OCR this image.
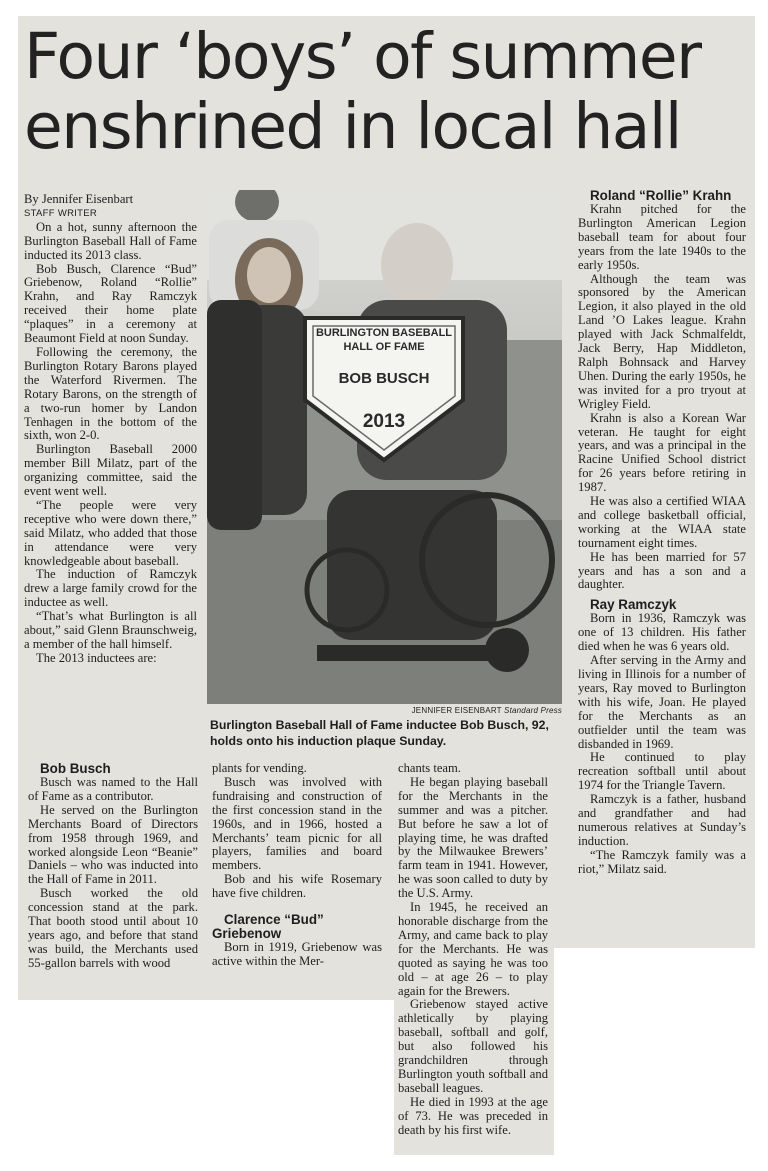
Four ‘boys’ of summer enshrined in local hall

By Jennifer Eisenbart

STAFF WRITER

On a hot, sunny afternoon the Burlington Baseball Hall of Fame inducted its 2013 class.

Bob Busch, Clarence “Bud” Griebenow, Roland “Rollie” Krahn, and Ray Ramczyk received their home plate “plaques” in a ceremony at Beaumont Field at noon Sunday.

Following the ceremony, the Burlington Rotary Barons played the Waterford Rivermen. The Rotary Barons, on the strength of a two-run homer by Landon Tenhagen in the bottom of the sixth, won 2-0.

Burlington Baseball 2000 member Bill Milatz, part of the organizing committee, said the event went well.

“The people were very receptive who were down there,” said Milatz, who added that those in attendance were very knowledgeable about baseball.

The induction of Ramczyk drew a large family crowd for the inductee as well.

“That’s what Burlington is all about,” said Glenn Braunschweig, a member of the hall himself.

The 2013 inductees are:

BURLINGTON BASEBALL
HALL OF FAME
BOB BUSCH
2013
JENNIFER EISENBART Standard Press

Burlington Baseball Hall of Fame inductee Bob Busch, 92, holds onto his induction plaque Sunday.

Roland “Rollie” Krahn

Krahn pitched for the Burlington American Legion baseball team for about four years from the late 1940s to the early 1950s.

Although the team was sponsored by the American Legion, it also played in the old Land ’O Lakes league. Krahn played with Jack Schmalfeldt, Jack Berry, Hap Middleton, Ralph Bohnsack and Harvey Uhen. During the early 1950s, he was invited for a pro tryout at Wrigley Field.

Krahn is also a Korean War veteran. He taught for eight years, and was a principal in the Racine Unified School district for 26 years before retiring in 1987.

He was also a certified WIAA and college basketball official, working at the WIAA state tournament eight times.

He has been married for 57 years and has a son and a daughter.

Ray Ramczyk

Born in 1936, Ramczyk was one of 13 children. His father died when he was 6 years old.

After serving in the Army and living in Illinois for a number of years, Ray moved to Burlington with his wife, Joan. He played for the Merchants as an outfielder until the team was disbanded in 1969.

He continued to play recreation softball until about 1974 for the Triangle Tavern.

Ramczyk is a father, husband and grandfather and had numerous relatives at Sunday’s induction.

“The Ramczyk family was a riot,” Milatz said.

Bob Busch

Busch was named to the Hall of Fame as a contributor.

He served on the Burlington Merchants Board of Directors from 1958 through 1969, and worked alongside Leon “Beanie” Daniels – who was inducted into the Hall of Fame in 2011.

Busch worked the old concession stand at the park. That booth stood until about 10 years ago, and before that stand was build, the Merchants used 55-gallon barrels with wood

plants for vending.

Busch was involved with fundraising and construction of the first concession stand in the 1960s, and in 1966, hosted a Merchants’ team picnic for all players, families and board members.

Bob and his wife Rosemary have five children.

Clarence “Bud” Griebenow

Born in 1919, Griebenow was active within the Mer-

chants team.

He began playing baseball for the Merchants in the summer and was a pitcher. But before he saw a lot of playing time, he was drafted by the Milwaukee Brewers’ farm team in 1941. However, he was soon called to duty by the U.S. Army.

In 1945, he received an honorable discharge from the Army, and came back to play for the Merchants. He was quoted as saying he was too old – at age 26 – to play again for the Brewers.

Griebenow stayed active athletically by playing baseball, softball and golf, but also followed his grandchildren through Burlington youth softball and baseball leagues.

He died in 1993 at the age of 73. He was preceded in death by his first wife.
